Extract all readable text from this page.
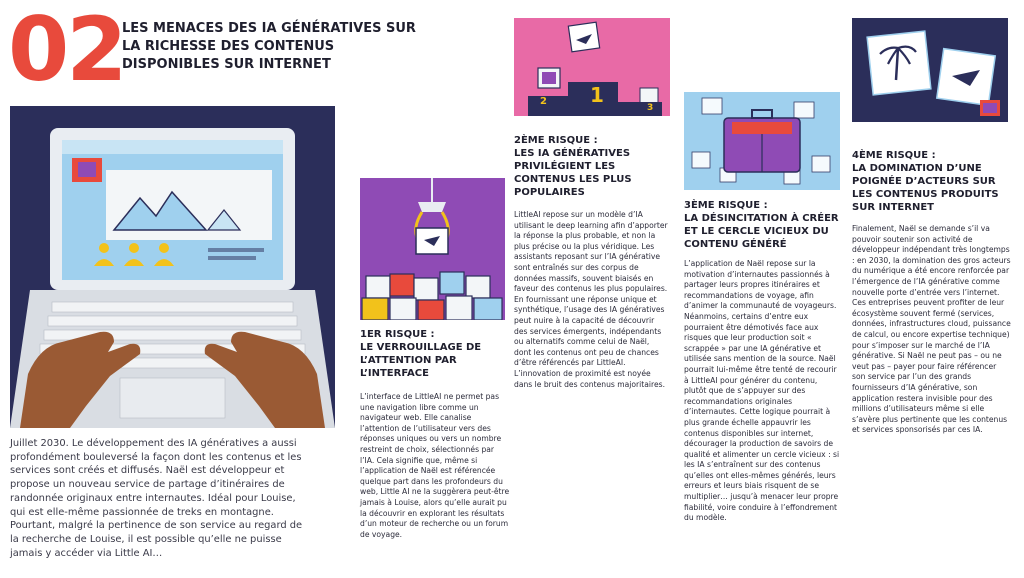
02
LES MENACES DES IA GÉNÉRATIVES SUR LA RICHESSE DES CONTENUS DISPONIBLES SUR INTERNET
1
2
3
Juillet 2030. Le développement des IA génératives a aussi profondément bouleversé la façon dont les contenus et les services sont créés et diffusés. Naël est développeur et propose un nouveau service de partage d’itinéraires de randonnée originaux entre internautes. Idéal pour Louise, qui est elle-même passionnée de treks en montagne. Pourtant, malgré la pertinence de son service au regard de la recherche de Louise, il est possible qu’elle ne puisse jamais y accéder via Little AI…
1ER RISQUE :
LE VERROUILLAGE DE L’ATTENTION PAR L’INTERFACE
L’interface de LittleAI ne permet pas une navigation libre comme un navigateur web. Elle canalise l’attention de l’utilisateur vers des réponses uniques ou vers un nombre restreint de choix, sélectionnés par l’IA. Cela signifie que, même si l’application de Naël est référencée quelque part dans les profondeurs du web, Little AI ne la suggèrera peut-être jamais à Louise, alors qu’elle aurait pu la découvrir en explorant les résultats d’un moteur de recherche ou un forum de voyage.
2ÈME RISQUE :
LES IA GÉNÉRATIVES PRIVILÉGIENT LES CONTENUS LES PLUS POPULAIRES
LittleAI repose sur un modèle d’IA utilisant le deep learning afin d’apporter la réponse la plus probable, et non la plus précise ou la plus véridique. Les assistants reposant sur l’IA générative sont entraînés sur des corpus de données massifs, souvent biaisés en faveur des contenus les plus populaires. En fournissant une réponse unique et synthétique, l’usage des IA génératives peut nuire à la capacité de découvrir des services émergents, indépendants ou alternatifs comme celui de Naël, dont les contenus ont peu de chances d’être référencés par LittleAI. L’innovation de proximité est noyée dans le bruit des contenus majoritaires.
3ÈME RISQUE :
LA DÉSINCITATION À CRÉER ET LE CERCLE VICIEUX DU CONTENU GÉNÉRÉ
L’application de Naël repose sur la motivation d’internautes passionnés à partager leurs propres itinéraires et recommandations de voyage, afin d’animer la communauté de voyageurs. Néanmoins, certains d’entre eux pourraient être démotivés face aux risques que leur production soit « scrappée » par une IA générative et utilisée sans mention de la source. Naël pourrait lui-même être tenté de recourir à LittleAI pour générer du contenu, plutôt que de s’appuyer sur des recommandations originales d’internautes. Cette logique pourrait à plus grande échelle appauvrir les contenus disponibles sur internet, décourager la production de savoirs de qualité et alimenter un cercle vicieux : si les IA s’entraînent sur des contenus qu’elles ont elles-mêmes générés, leurs erreurs et leurs biais risquent de se multiplier… jusqu’à menacer leur propre fiabilité, voire conduire à l’effondrement du modèle.
4ÈME RISQUE :
LA DOMINATION D’UNE POIGNÉE D’ACTEURS SUR LES CONTENUS PRODUITS SUR INTERNET
Finalement, Naël se demande s’il va pouvoir soutenir son activité de développeur indépendant très longtemps : en 2030, la domination des gros acteurs du numérique a été encore renforcée par l’émergence de l’IA générative comme nouvelle porte d’entrée vers l’internet. Ces entreprises peuvent profiter de leur écosystème souvent fermé (services, données, infrastructures cloud, puissance de calcul, ou encore expertise technique) pour s’imposer sur le marché de l’IA générative. Si Naël ne peut pas – ou ne veut pas – payer pour faire référencer son service par l’un des grands fournisseurs d’IA générative, son application restera invisible pour des millions d’utilisateurs même si elle s’avère plus pertinente que les contenus et services sponsorisés par ces IA.
